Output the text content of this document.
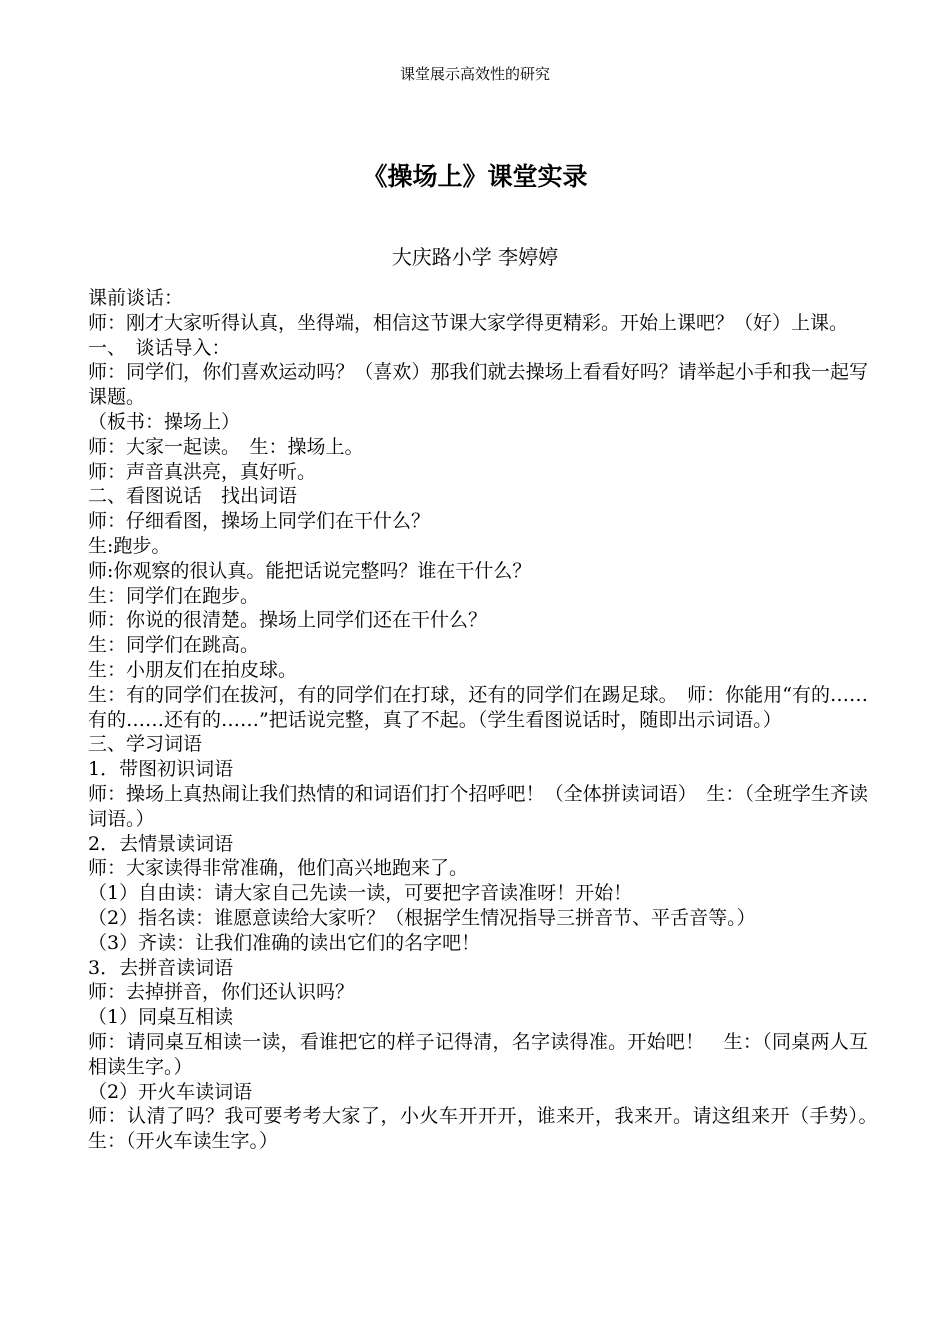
课堂展示高效性的研究
《操场上》课堂实录
大庆路小学 李婷婷

课前谈话：

师：刚才大家听得认真，坐得端，相信这节课大家学得更精彩。开始上课吧？（好）上课。

一、　谈话导入：

师：同学们，你们喜欢运动吗？（喜欢）那我们就去操场上看看好吗？请举起小手和我一起写课题。

（板书：操场上）

师：大家一起读。　生：操场上。

师：声音真洪亮，真好听。

二、看图说话　找出词语

师：仔细看图，操场上同学们在干什么？

生:跑步。

师:你观察的很认真。能把话说完整吗？谁在干什么？

生：同学们在跑步。

师：你说的很清楚。操场上同学们还在干什么？

生：同学们在跳高。

生：小朋友们在拍皮球。

生：有的同学们在拔河，有的同学们在打球，还有的同学们在踢足球。　师：你能用“有的……有的……还有的……”把话说完整，真了不起。（学生看图说话时，随即出示词语。）

三、学习词语

1．带图初识词语

师：操场上真热闹让我们热情的和词语们打个招呼吧！（全体拼读词语）　生：（全班学生齐读词语。）

2．去情景读词语

师：大家读得非常准确，他们高兴地跑来了。

（1）自由读：请大家自己先读一读，可要把字音读准呀！开始！

（2）指名读：谁愿意读给大家听？（根据学生情况指导三拼音节、平舌音等。）

（3）齐读：让我们准确的读出它们的名字吧！

3．去拼音读词语

师：去掉拼音，你们还认识吗？

（1）同桌互相读

师：请同桌互相读一读，看谁把它的样子记得清，名字读得准。开始吧！　生：（同桌两人互相读生字。）

（2）开火车读词语

师：认清了吗？我可要考考大家了，小火车开开开，谁来开，我来开。请这组来开（手势）。　生：（开火车读生字。）
